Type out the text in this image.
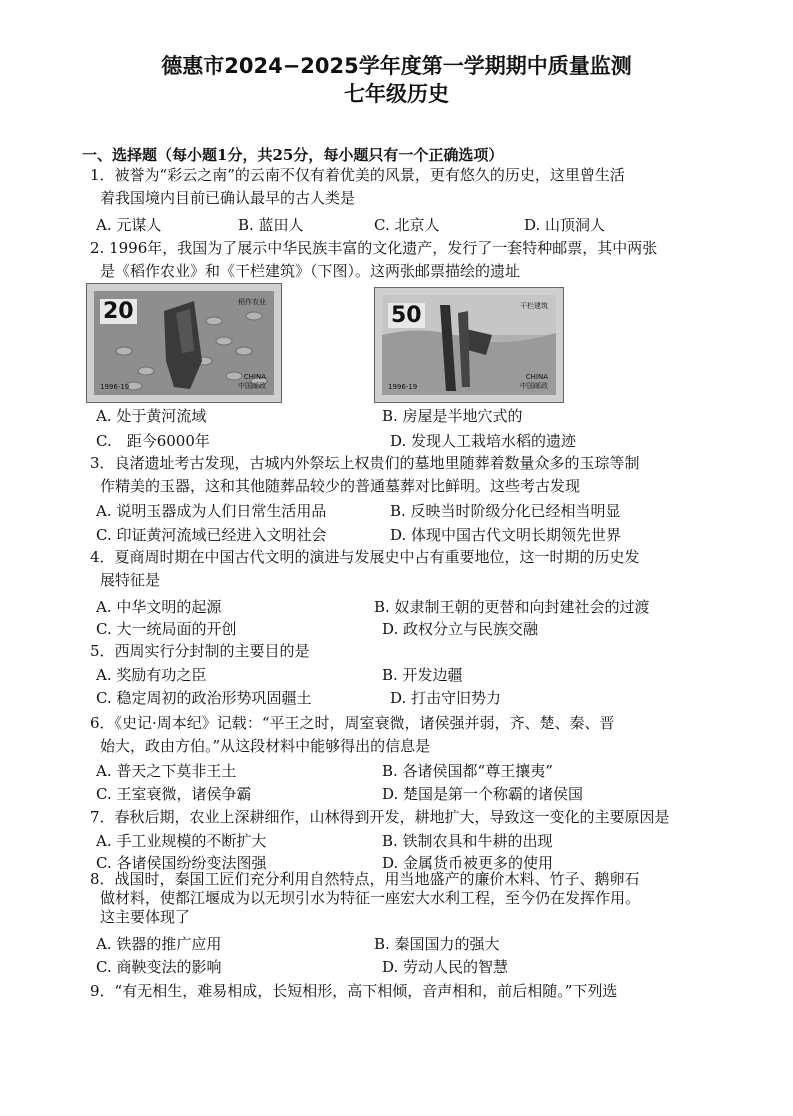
德惠市2024−2025学年度第一学期期中质量监测
七年级历史
一、选择题（每小题1分，共25分，每小题只有一个正确选项）
1．被誉为“彩云之南”的云南不仅有着优美的风景，更有悠久的历史，这里曾生活
着我国境内目前已确认最早的古人类是
A. 元谋人	B. 蓝田人	C. 北京人	D. 山顶洞人
2. 1996年，我国为了展示中华民族丰富的文化遗产，发行了一套特种邮票，其中两张
是《稻作农业》和《干栏建筑》（下图）。这两张邮票描绘的遗址
20	稻作农业
CHINA
中国邮政
1996-19
50	干栏建筑
CHINA
中国邮政
1996-19
A. 处于黄河流域	B. 房屋是半地穴式的
C.　距今6000年	D. 发现人工栽培水稻的遗迹
3．良渚遗址考古发现，古城内外祭坛上权贵们的墓地里随葬着数量众多的玉琮等制
作精美的玉器，这和其他随葬品较少的普通墓葬对比鲜明。这些考古发现
A. 说明玉器成为人们日常生活用品	B. 反映当时阶级分化已经相当明显
C. 印证黄河流域已经进入文明社会	D. 体现中国古代文明长期领先世界
4．夏商周时期在中国古代文明的演进与发展史中占有重要地位，这一时期的历史发
展特征是
A. 中华文明的起源	B. 奴隶制王朝的更替和向封建社会的过渡
C. 大一统局面的开创	D. 政权分立与民族交融
5．西周实行分封制的主要目的是
A. 奖励有功之臣	B. 开发边疆
C. 稳定周初的政治形势巩固疆土	D. 打击守旧势力
6．《史记·周本纪》记载：“平王之时，周室衰微，诸侯强并弱，齐、楚、秦、晋
始大，政由方伯。”从这段材料中能够得出的信息是
A. 普天之下莫非王土	B. 各诸侯国都“尊王攘夷”
C. 王室衰微，诸侯争霸	D. 楚国是第一个称霸的诸侯国
7．春秋后期，农业上深耕细作，山林得到开发，耕地扩大，导致这一变化的主要原因是
A. 手工业规模的不断扩大	B. 铁制农具和牛耕的出现
C. 各诸侯国纷纷变法图强	D. 金属货币被更多的使用
8．战国时，秦国工匠们充分利用自然特点，用当地盛产的廉价木料、竹子、鹅卵石
做材料，使都江堰成为以无坝引水为特征一座宏大水利工程，至今仍在发挥作用。
这主要体现了
A. 铁器的推广应用	B. 秦国国力的强大
C. 商鞅变法的影响	D. 劳动人民的智慧
9．“有无相生，难易相成，长短相形，高下相倾，音声相和，前后相随。”下列选
